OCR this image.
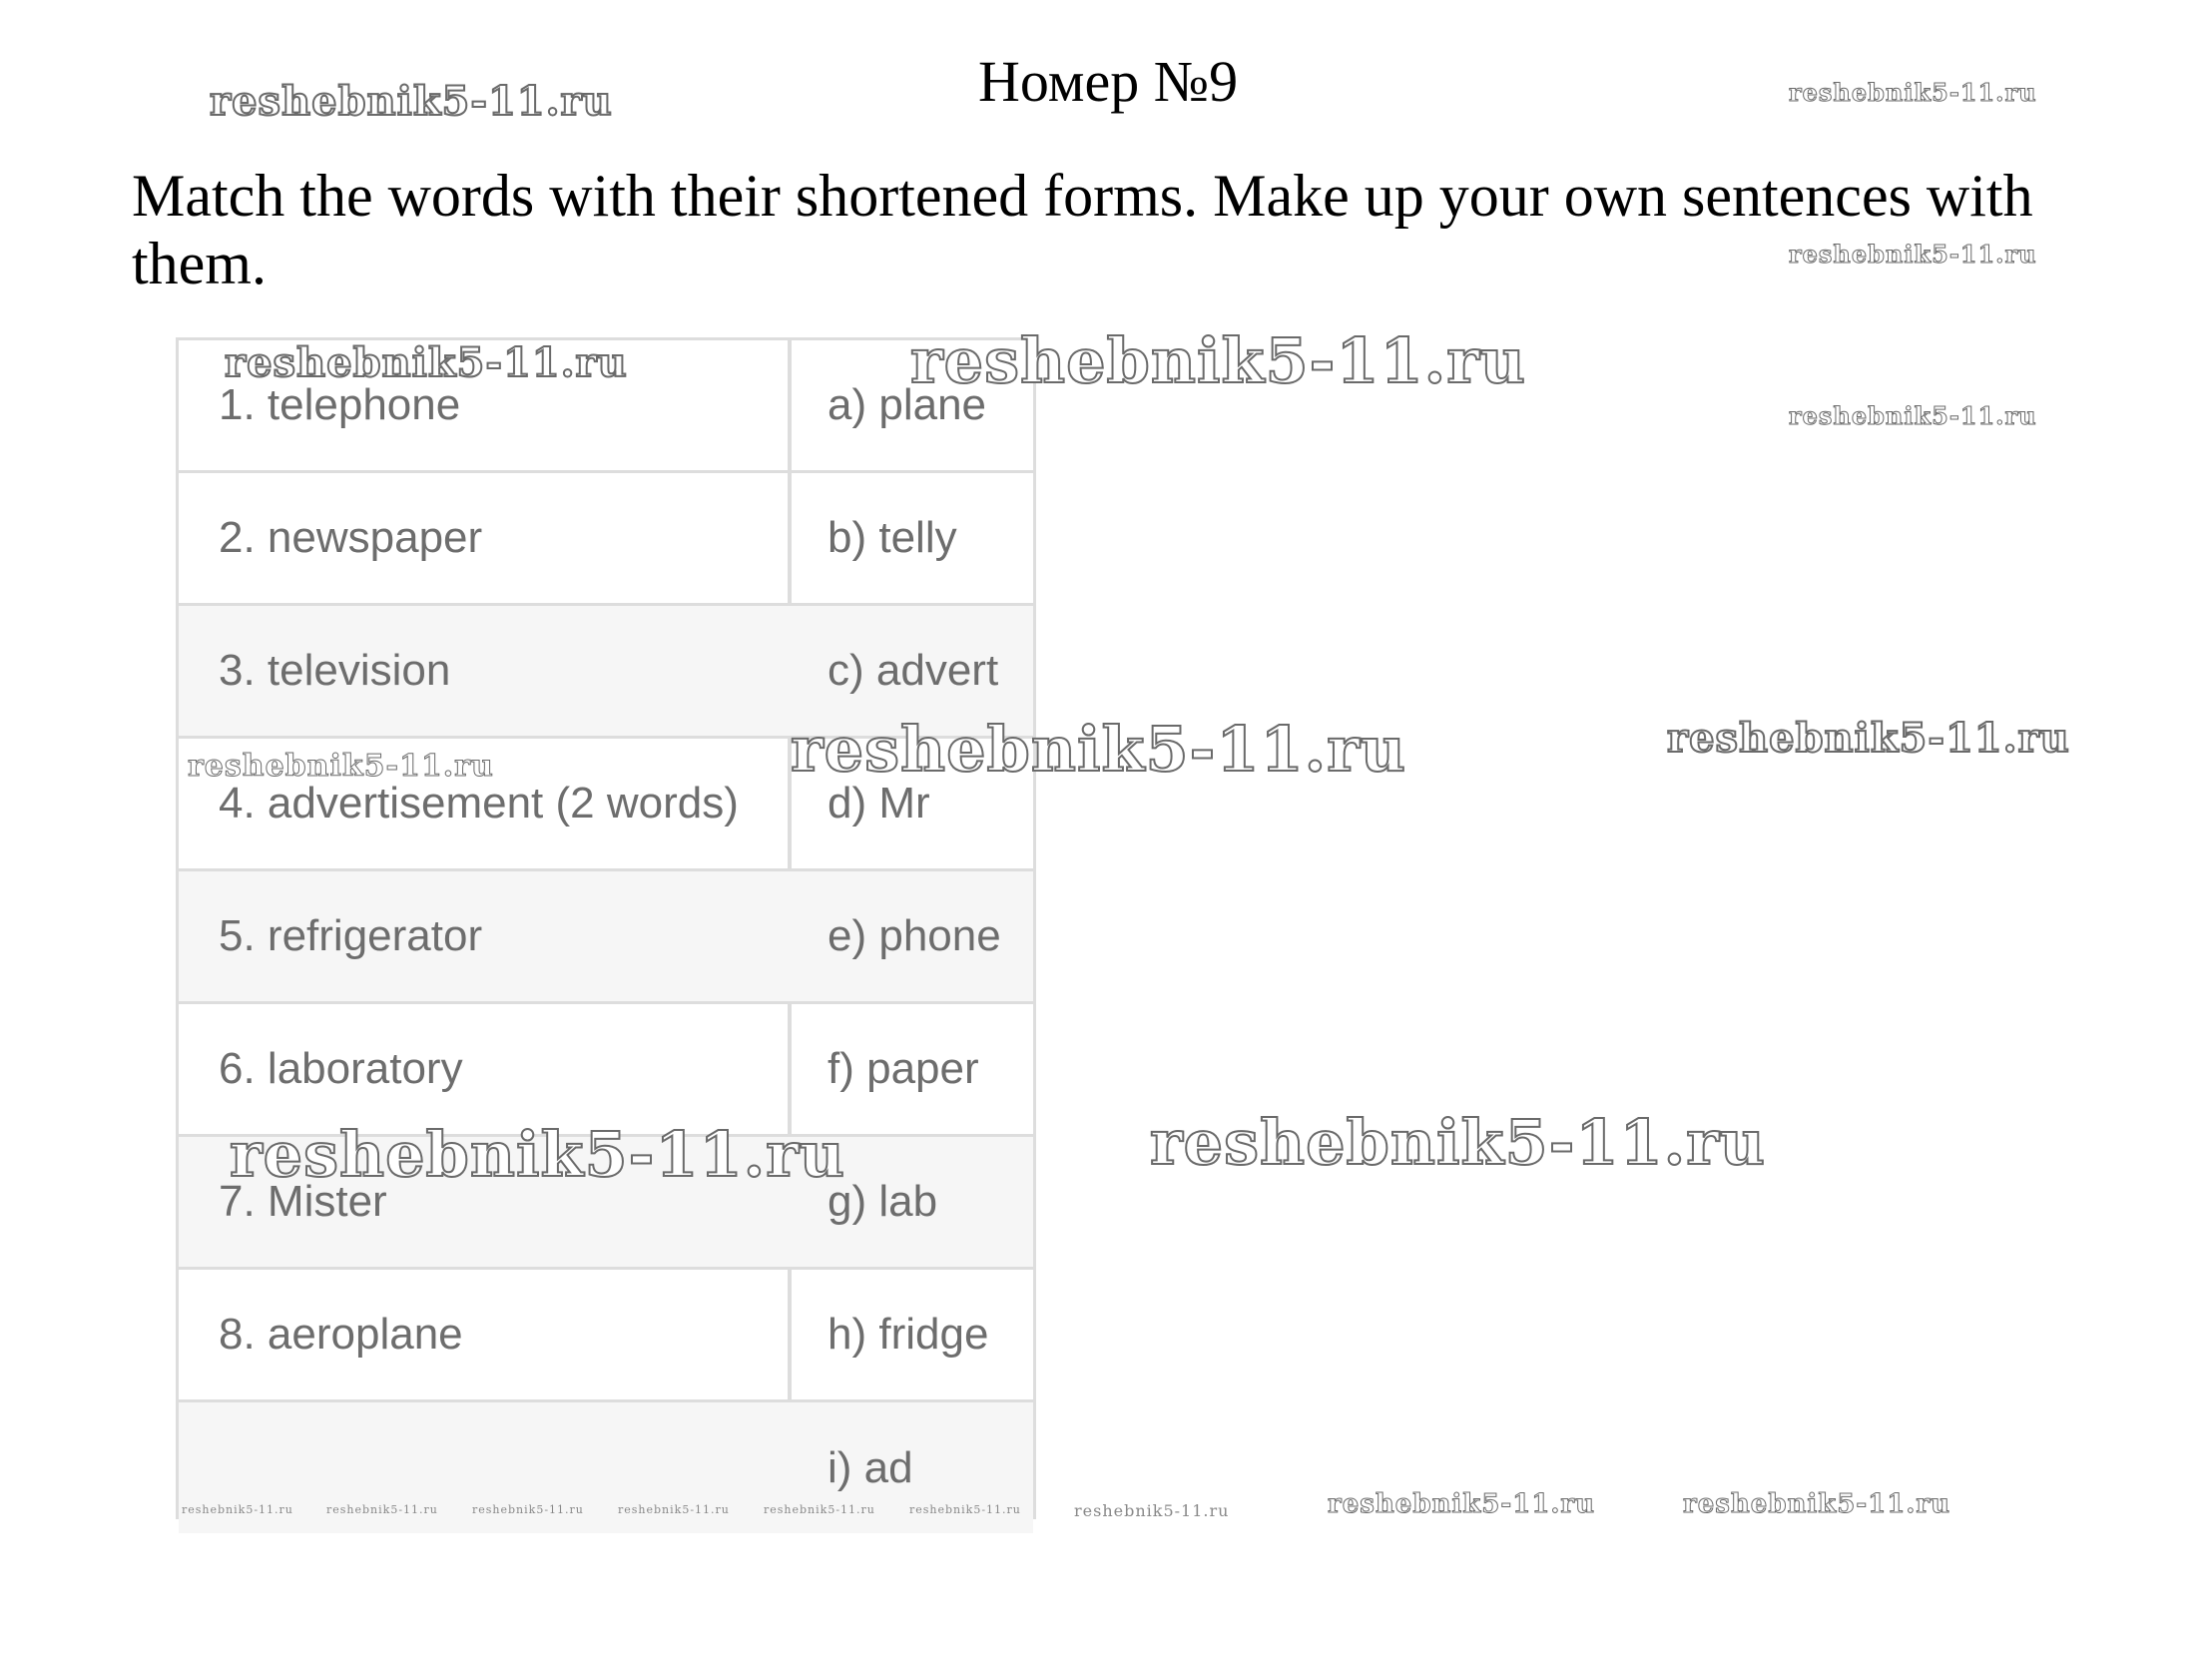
Номер №9
Match the words with their shortened forms. Make up your own sentences with them.
1. telephone	a) plane
2. newspaper	b) telly
3. television	c) advert
4. advertisement (2 words)	d) Mr
5. refrigerator	e) phone
6. laboratory	f) paper
7. Mister	g) lab
8. aeroplane	h) fridge
i) ad
reshebnik5-11.ru	reshebnik5-11.ru
reshebnik5-11.ru
reshebnik5-11.ru	reshebnik5-11.ru
reshebnik5-11.ru
reshebnik5-11.ru	reshebnik5-11.ru	reshebnik5-11.ru
reshebnik5-11.ru	reshebnik5-11.ru
reshebnik5-11.ru	reshebnik5-11.ru
reshebnik5-11.ru
reshebnik5-11.ru	reshebnik5-11.ru	reshebnik5-11.ru	reshebnik5-11.ru	reshebnik5-11.ru	reshebnik5-11.ru
